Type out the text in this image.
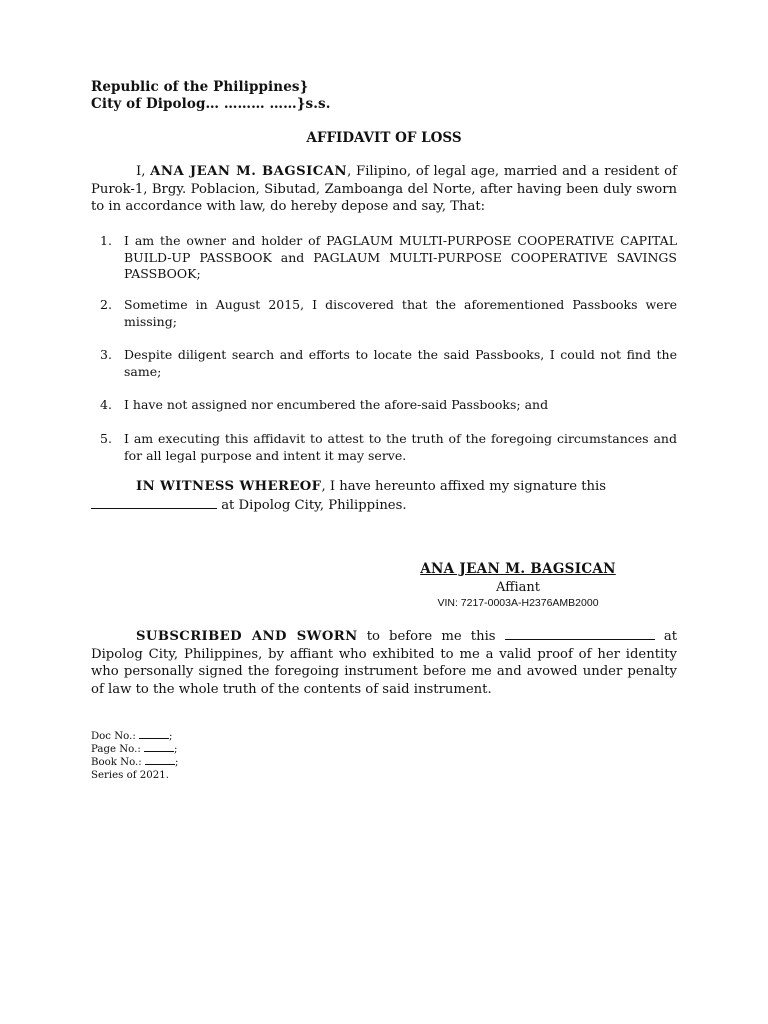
Republic of the Philippines}
City of Dipolog… ……… ……}s.s.
AFFIDAVIT OF LOSS
I, ANA JEAN M. BAGSICAN, Filipino, of legal age, married and a resident of Purok-1, Brgy. Poblacion, Sibutad, Zamboanga del Norte, after having been duly sworn to in accordance with law, do hereby depose and say, That:
1. I am the owner and holder of PAGLAUM MULTI-PURPOSE COOPERATIVE CAPITAL BUILD-UP PASSBOOK and PAGLAUM MULTI-PURPOSE COOPERATIVE SAVINGS PASSBOOK;
2. Sometime in August 2015, I discovered that the aforementioned Passbooks were missing;
3. Despite diligent search and efforts to locate the said Passbooks, I could not find the same;
4. I have not assigned nor encumbered the afore-said Passbooks; and
5. I am executing this affidavit to attest to the truth of the foregoing circumstances and for all legal purpose and intent it may serve.
IN WITNESS WHEREOF, I have hereunto affixed my signature this
at Dipolog City, Philippines.
ANA JEAN M. BAGSICAN
Affiant
VIN: 7217-0003A-H2376AMB2000
SUBSCRIBED AND SWORN to before me this	at Dipolog City, Philippines, by affiant who exhibited to me a valid proof of her identity who personally signed the foregoing instrument before me and avowed under penalty of law to the whole truth of the contents of said instrument.
Doc No.:	;
Page No.:	;
Book No.:	;
Series of 2021.
